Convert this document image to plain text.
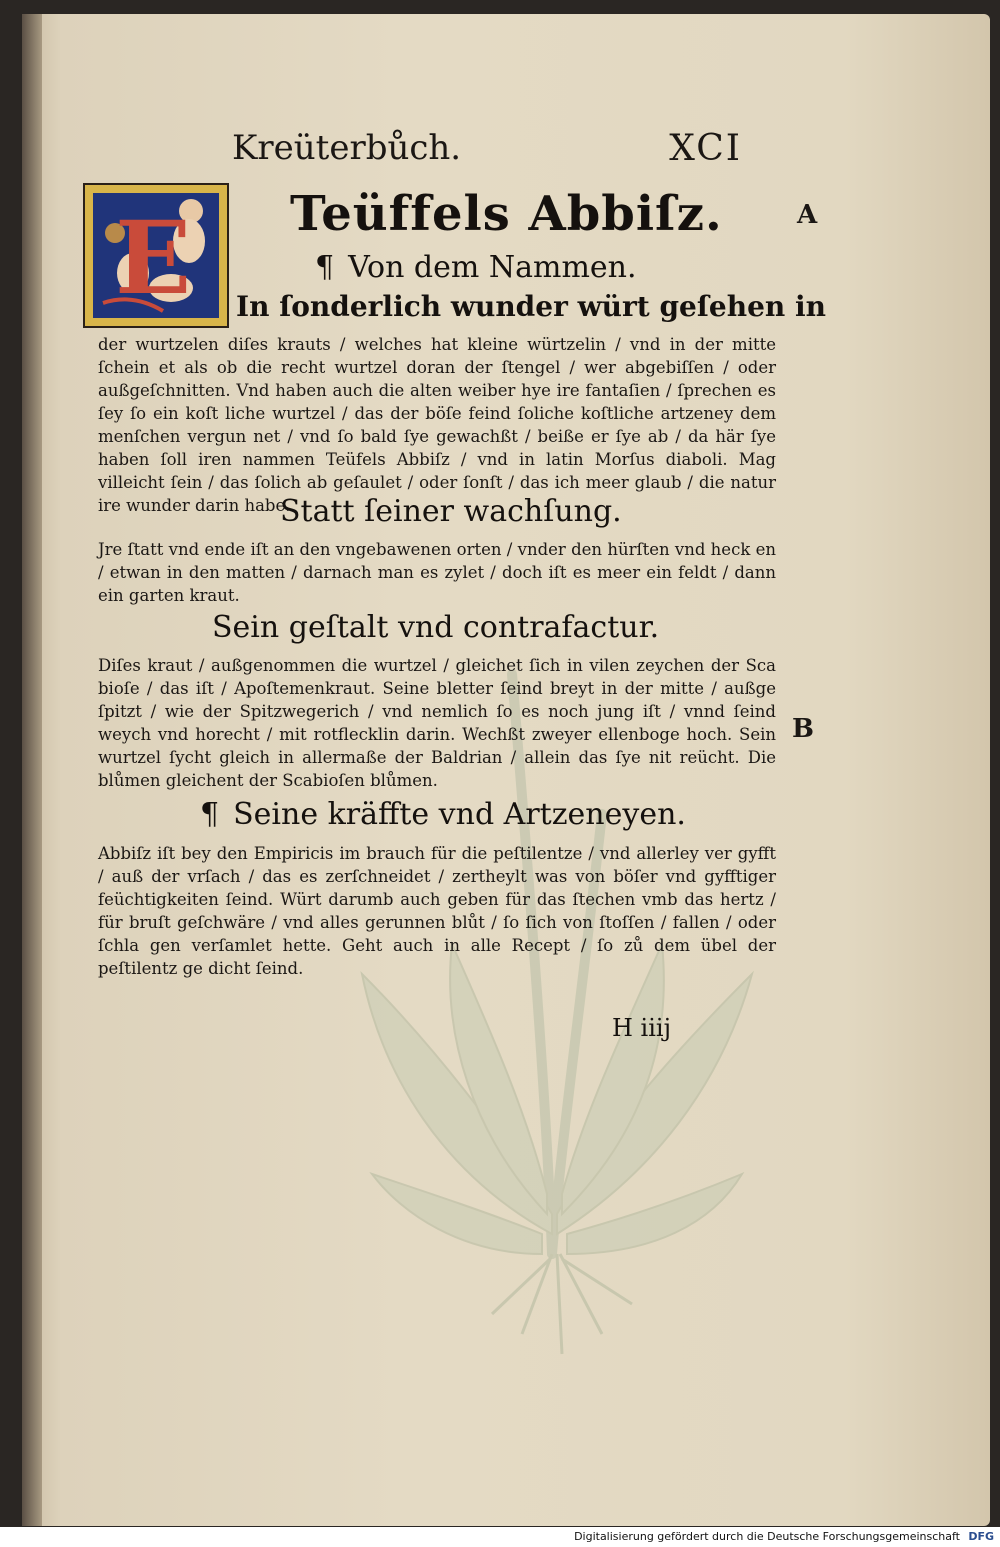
Kreüterbůch.	XCI
E Teüffels Abbiſz.	A
B
¶ Von dem Nammen.
In ſonderlich wunder würt geſehen in

der wurtzelen diſes krauts / welches hat kleine würtzelin / vnd in der mitte ſchein et als ob die recht wurtzel doran der ſtengel / wer abgebiſſen / oder außgeſchnitten. Vnd haben auch die alten weiber hye ire fantaſien / ſprechen es ſey ſo ein koſt liche wurtzel / das der böſe feind ſoliche koſtliche artzeney dem menſchen vergun net / vnd ſo bald ſye gewachßt / beiße er ſye ab / da här ſye haben ſoll iren nammen Teüfels Abbiſz / vnd in latin Morſus diaboli. Mag villeicht ſein / das ſolich ab geſaulet / oder ſonſt / das ich meer glaub / die natur ire wunder darin habe.

Statt ſeiner wachſung.

Jre ſtatt vnd ende iſt an den vngebawenen orten / vnder den hürſten vnd heck en / etwan in den matten / darnach man es zylet / doch iſt es meer ein feldt / dann ein garten kraut.

Sein geſtalt vnd contrafactur.

Diſes kraut / außgenommen die wurtzel / gleichet ſich in vilen zeychen der Sca bioſe / das iſt / Apoſtemenkraut. Seine bletter ſeind breyt in der mitte / außge ſpitzt / wie der Spitzwegerich / vnd nemlich ſo es noch jung iſt / vnnd ſeind weych vnd horecht / mit rotflecklin darin. Wechßt zweyer ellenboge hoch. Sein wurtzel ſycht gleich in allermaße der Baldrian / allein das ſye nit reücht. Die blůmen gleichent der Scabioſen blůmen.

¶ Seine kräffte vnd Artzeneyen.

Abbiſz iſt bey den Empiricis im brauch für die peſtilentze / vnd allerley ver gyfft / auß der vrſach / das es zerſchneidet / zertheylt was von böſer vnd gyfftiger feüchtigkeiten ſeind. Würt darumb auch geben für das ſtechen vmb das hertz / für bruſt geſchwäre / vnd alles gerunnen blůt / ſo ſich von ſtoſſen / fallen / oder ſchla gen verſamlet hette. Geht auch in alle Recept / ſo zů dem übel der peſtilentz ge dicht ſeind.

H iiij
Digitalisierung gefördert durch die Deutsche Forschungsgemeinschaft DFG
